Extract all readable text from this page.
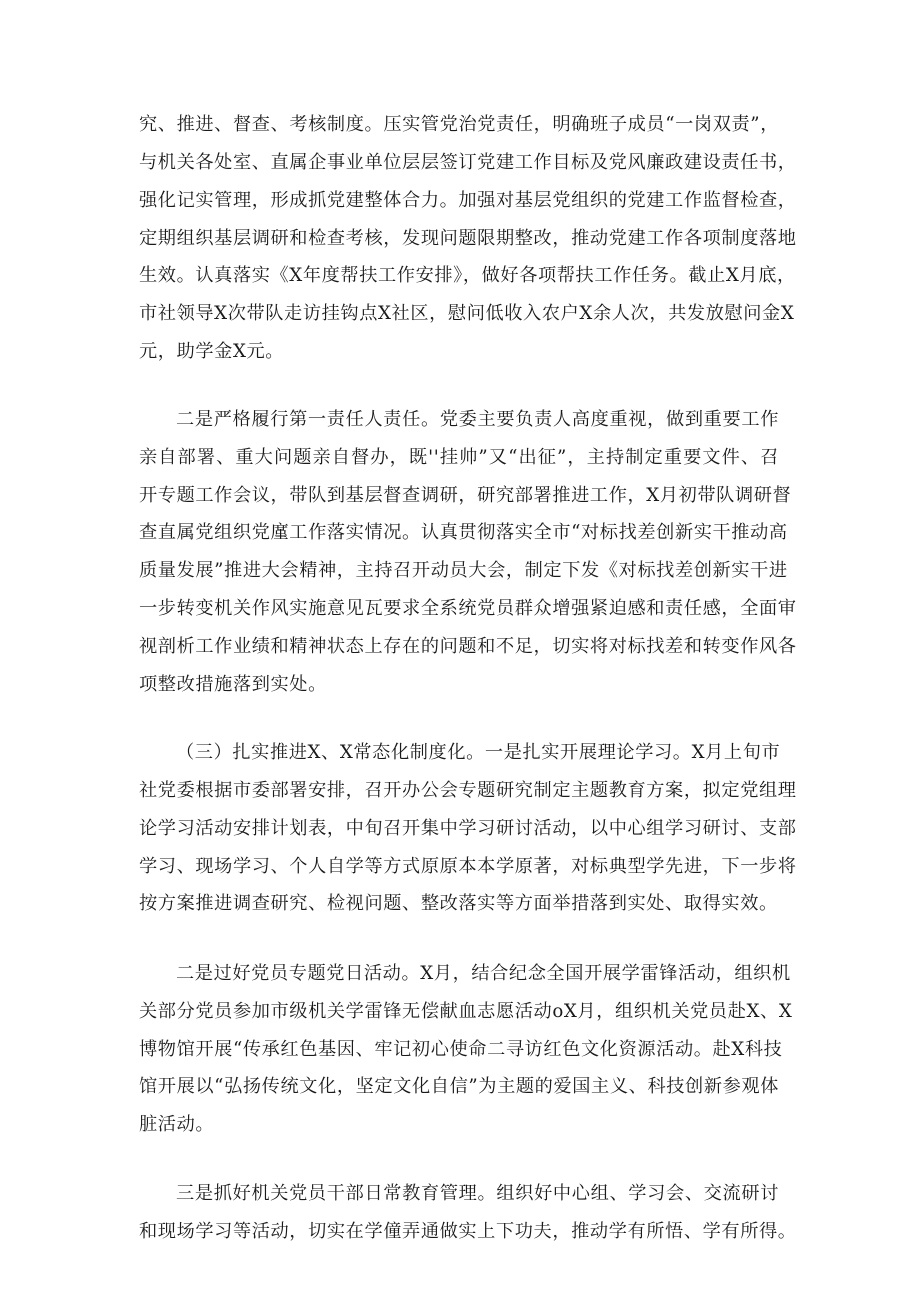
究、推进、督查、考核制度。压实管党治党责任，明确班子成员“一岗双责”，
与机关各处室、直属企事业单位层层签订党建工作目标及党风廉政建设责任书，
强化记实管理，形成抓党建整体合力。加强对基层党组织的党建工作监督检查，
定期组织基层调研和检查考核，发现问题限期整改，推动党建工作各项制度落地
生效。认真落实《X年度帮扶工作安排》，做好各项帮扶工作任务。截止X月底，
市社领导X次带队走访挂钩点X社区，慰问低收入农户X余人次，共发放慰问金X
元，助学金X元。
二是严格履行第一责任人责任。党委主要负责人高度重视，做到重要工作
亲自部署、重大问题亲自督办，既''挂帅”又“出征”，主持制定重要文件、召
开专题工作会议，带队到基层督查调研，研究部署推进工作，X月初带队调研督
查直属党组织党廑工作落实情况。认真贯彻落实全市“对标找差创新实干推动高
质量发展”推进大会精神，主持召开动员大会，制定下发《对标找差创新实干进
一步转变机关作风实施意见瓦要求全系统党员群众增强紧迫感和责任感，全面审
视剖析工作业绩和精神状态上存在的问题和不足，切实将对标找差和转变作风各
项整改措施落到实处。
（三）扎实推进X、X常态化制度化。一是扎实开展理论学习。X月上旬市
社党委根据市委部署安排，召开办公会专题研究制定主题教育方案，拟定党组理
论学习活动安排计划表，中旬召开集中学习研讨活动，以中心组学习研讨、支部
学习、现场学习、个人自学等方式原原本本学原著，对标典型学先进，下一步将
按方案推进调查研究、检视问题、整改落实等方面举措落到实处、取得实效。
二是过好党员专题党日活动。X月，结合纪念全国开展学雷锋活动，组织机
关部分党员参加市级机关学雷锋无偿献血志愿活动oX月，组织机关党员赴X、X
博物馆开展“传承红色基因、牢记初心使命二寻访红色文化资源活动。赴X科技
馆开展以“弘扬传统文化，坚定文化自信”为主题的爱国主义、科技创新参观体
脏活动。
三是抓好机关党员干部日常教育管理。组织好中心组、学习会、交流研讨
和现场学习等活动，切实在学僮弄通做实上下功夫，推动学有所悟、学有所得。
